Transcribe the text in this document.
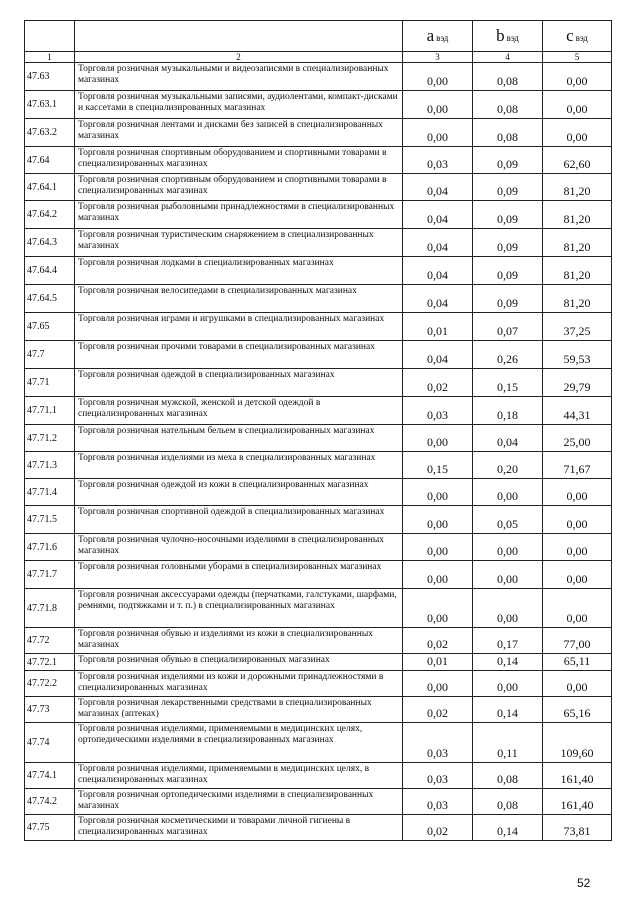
		a вэд	b вэд	c вэд
1	2	3	4	5
47.63	Торговля розничная музыкальными и видеозаписями в специализированных магазинах	0,00	0,08	0,00
47.63.1	Торговля розничная музыкальными записями, аудиолентами, компакт-дисками и кассетами в специализированных магазинах	0,00	0,08	0,00
47.63.2	Торговля розничная лентами и дисками без записей в специализированных магазинах	0,00	0,08	0,00
47.64	Торговля розничная спортивным оборудованием и спортивными товарами в специализированных магазинах	0,03	0,09	62,60
47.64.1	Торговля розничная спортивным оборудованием и спортивными товарами в специализированных магазинах	0,04	0,09	81,20
47.64.2	Торговля розничная рыболовными принадлежностями в специализированных магазинах	0,04	0,09	81,20
47.64.3	Торговля розничная туристическим снаряжением в специализированных магазинах	0,04	0,09	81,20
47.64.4	Торговля розничная лодками в специализированных магазинах	0,04	0,09	81,20
47.64.5	Торговля розничная велосипедами в специализированных магазинах	0,04	0,09	81,20
47.65	Торговля розничная играми и игрушками в специализированных магазинах	0,01	0,07	37,25
47.7	Торговля розничная прочими товарами в специализированных магазинах	0,04	0,26	59,53
47.71	Торговля розничная одеждой в специализированных магазинах	0,02	0,15	29,79
47.71.1	Торговля розничная мужской, женской и детской одеждой в специализированных магазинах	0,03	0,18	44,31
47.71.2	Торговля розничная нательным бельем в специализированных магазинах	0,00	0,04	25,00
47.71.3	Торговля розничная изделиями из меха в специализированных магазинах	0,15	0,20	71,67
47.71.4	Торговля розничная одеждой из кожи в специализированных магазинах	0,00	0,00	0,00
47.71.5	Торговля розничная спортивной одеждой в специализированных магазинах	0,00	0,05	0,00
47.71.6	Торговля розничная чулочно-носочными изделиями в специализированных магазинах	0,00	0,00	0,00
47.71.7	Торговля розничная головными уборами в специализированных магазинах	0,00	0,00	0,00
47.71.8	Торговля розничная аксессуарами одежды (перчатками, галстуками, шарфами, ремнями, подтяжками и т. п.) в специализированных магазинах	0,00	0,00	0,00
47.72	Торговля розничная обувью и изделиями из кожи в специализированных магазинах	0,02	0,17	77,00
47.72.1	Торговля розничная обувью в специализированных магазинах	0,01	0,14	65,11
47.72.2	Торговля розничная изделиями из кожи и дорожными принадлежностями в специализированных магазинах	0,00	0,00	0,00
47.73	Торговля розничная лекарственными средствами в специализированных магазинах (аптеках)	0,02	0,14	65,16
47.74	Торговля розничная изделиями, применяемыми в медицинских целях, ортопедическими изделиями в специализированных магазинах	0,03	0,11	109,60
47.74.1	Торговля розничная изделиями, применяемыми в медицинских целях, в специализированных магазинах	0,03	0,08	161,40
47.74.2	Торговля розничная ортопедическими изделиями в специализированных магазинах	0,03	0,08	161,40
47.75	Торговля розничная косметическими и товарами личной гигиены в специализированных магазинах	0,02	0,14	73,81
52
